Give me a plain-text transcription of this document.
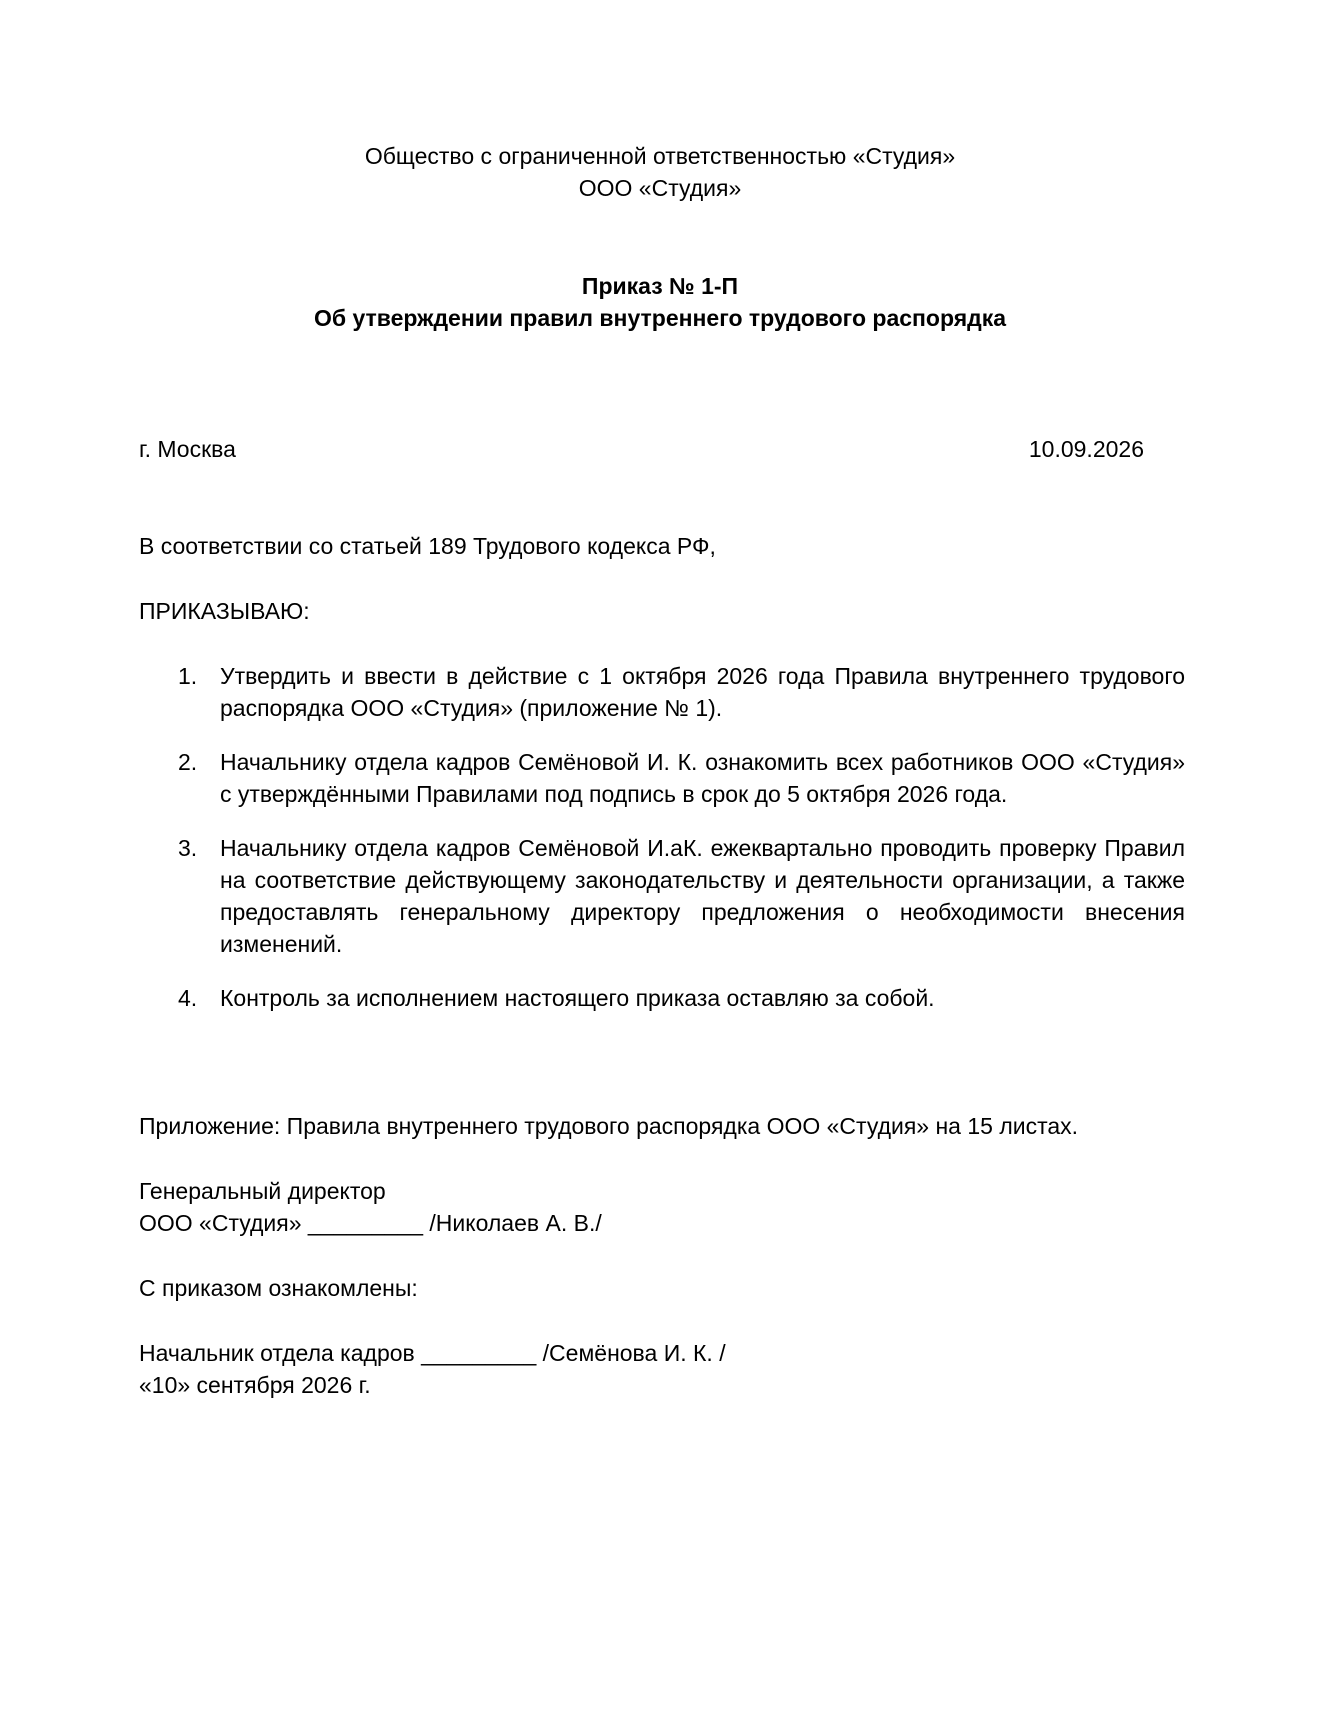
Общество с ограниченной ответственностью «Студия»
ООО «Студия»
Приказ № 1-П
Об утверждении правил внутреннего трудового распорядка
г. Москва	10.09.2026
В соответствии со статьей 189 Трудового кодекса РФ,
ПРИКАЗЫВАЮ:
1. Утвердить и ввести в действие с 1 октября 2026 года Правила внутреннего трудового распорядка ООО «Студия» (приложение № 1).
2. Начальнику отдела кадров Семёновой И. К. ознакомить всех работников ООО «Студия» с утверждёнными Правилами под подпись в срок до 5 октября 2026 года.
3. Начальнику отдела кадров Семёновой И.аК. ежеквартально проводить проверку Правил на соответствие действующему законодательству и деятельности организации, а также предоставлять генеральному директору предложения о необходимости внесения изменений.
4. Контроль за исполнением настоящего приказа оставляю за собой.
Приложение: Правила внутреннего трудового распорядка ООО «Студия» на 15 листах.
Генеральный директор
ООО «Студия» _________ /Николаев А. В./
С приказом ознакомлены:
Начальник отдела кадров _________ /Семёнова И. К. /
«10» сентября 2026 г.
